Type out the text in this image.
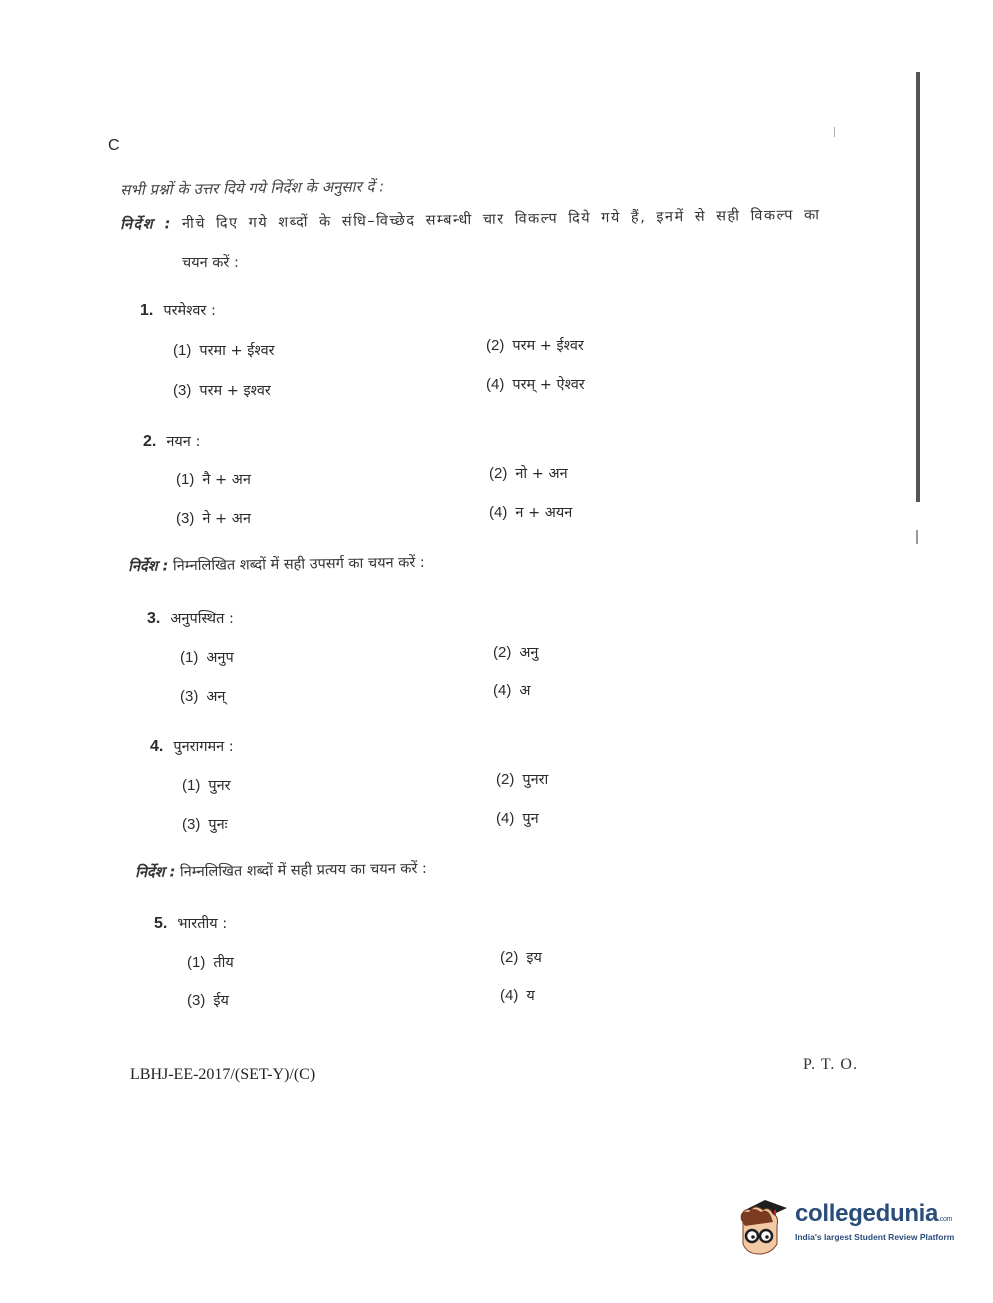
C
सभी प्रश्नों के उत्तर दिये गये निर्देश के अनुसार दें :
निर्देश : नीचे दिए गये शब्दों के संधि–विच्छेद सम्बन्धी चार विकल्प दिये गये हैं, इनमें से सही विकल्प का
चयन करें :
1. परमेश्वर :
(1) परमा + ईश्वर	(2) परम + ईश्वर
(3) परम + इश्वर	(4) परम् + ऐश्वर
2. नयन :
(1) नै + अन	(2) नो + अन
(3) ने + अन	(4) न + अयन
निर्देश : निम्नलिखित शब्दों में सही उपसर्ग का चयन करें :
3. अनुपस्थित :
(1) अनुप	(2) अनु
(3) अन्	(4) अ
4. पुनरागमन :
(1) पुनर	(2) पुनरा
(3) पुनः	(4) पुन
निर्देश : निम्नलिखित शब्दों में सही प्रत्यय का चयन करें :
5. भारतीय :
(1) तीय	(2) इय
(3) ईय	(4) य
LBHJ-EE-2017/(SET-Y)/(C)
P. T. O.
collegedunia.com
India's largest Student Review Platform
